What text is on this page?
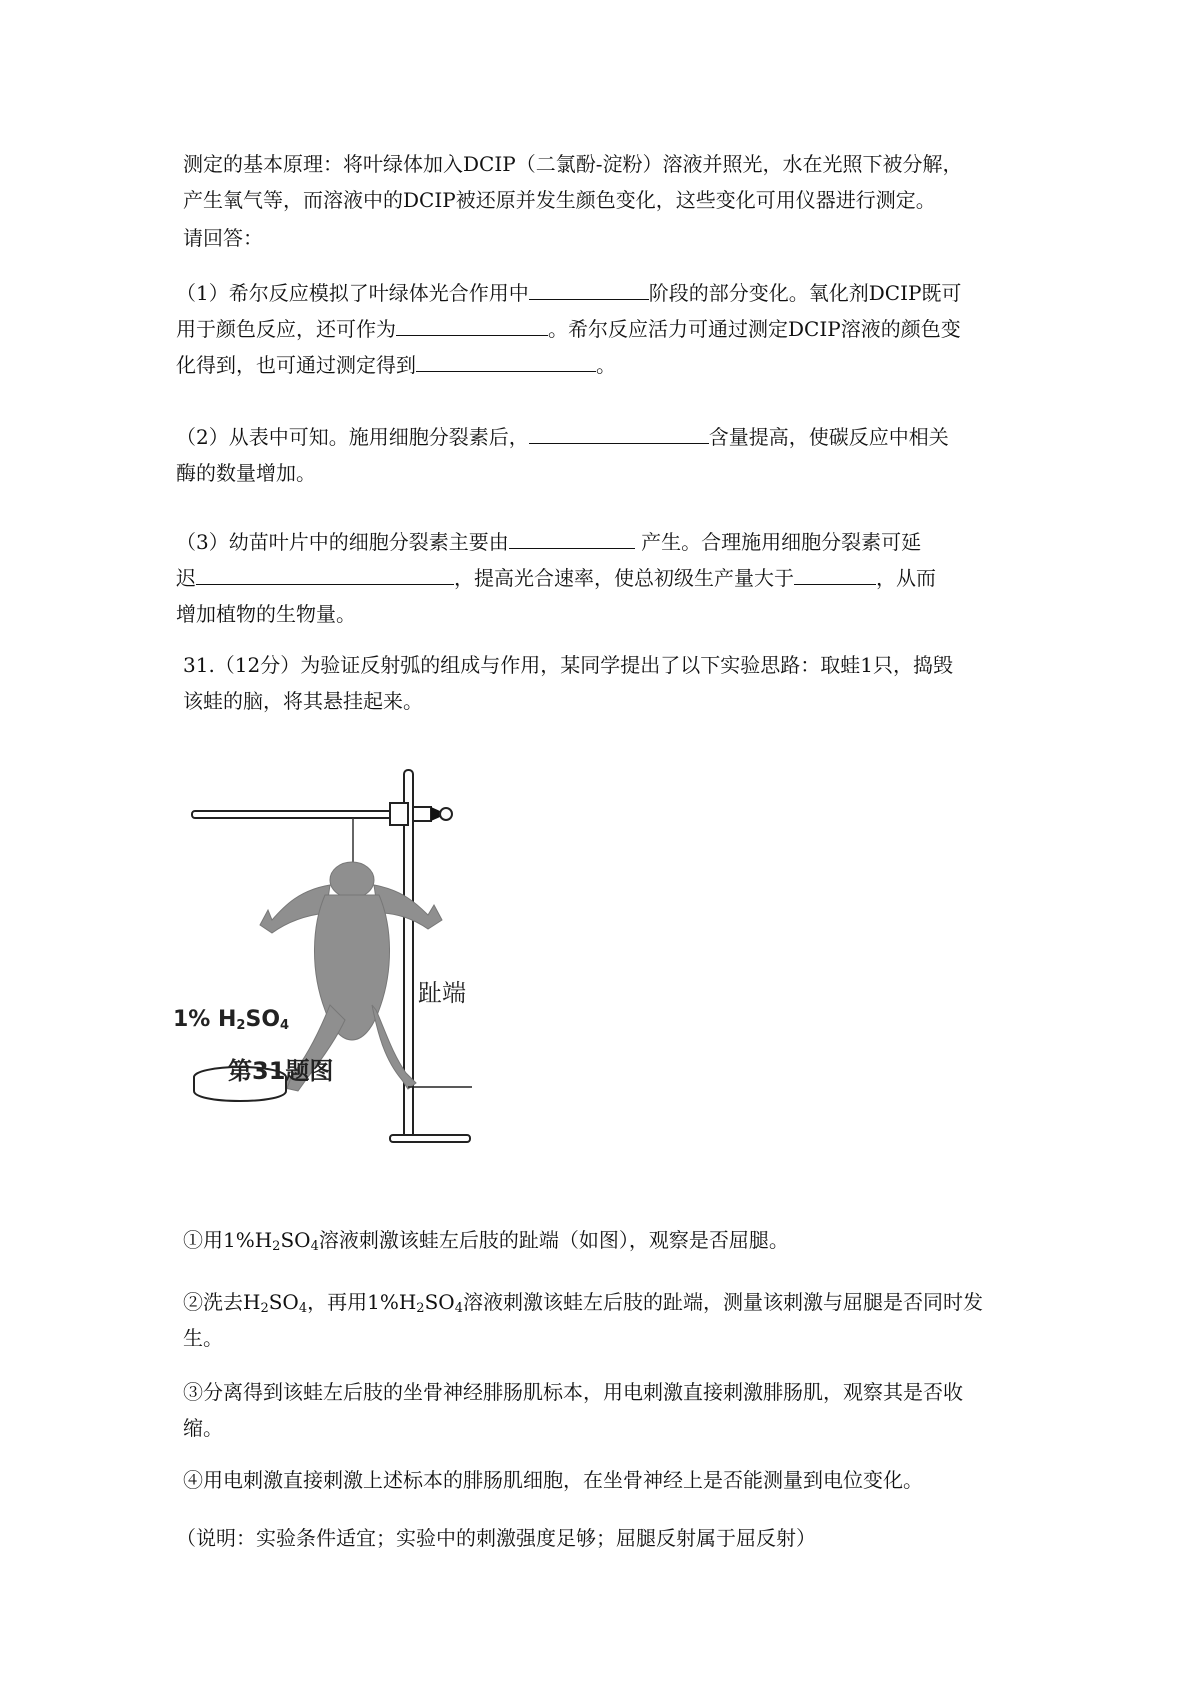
测定的基本原理：将叶绿体加入DCIP（二氯酚-淀粉）溶液并照光，水在光照下被分解，
产生氧气等，而溶液中的DCIP被还原并发生颜色变化，这些变化可用仪器进行测定。

请回答：

（1）希尔反应模拟了叶绿体光合作用中	阶段的部分变化。氧化剂DCIP既可
用于颜色反应，还可作为	。希尔反应活力可通过测定DCIP溶液的颜色变
化得到，也可通过测定得到	。

（2）从表中可知。施用细胞分裂素后，	含量提高，使碳反应中相关
酶的数量增加。

（3）幼苗叶片中的细胞分裂素主要由	产生。合理施用细胞分裂素可延
迟	，提高光合速率，使总初级生产量大于	，从而
增加植物的生物量。

31.（12分）为验证反射弧的组成与作用，某同学提出了以下实验思路：取蛙1只，捣毁
该蛙的脑，将其悬挂起来。

趾端
1% $H_2SO_4$
第31题图

①用$1\%H_2SO_4$溶液刺激该蛙左后肢的趾端（如图），观察是否屈腿。

②洗去$H_2SO_4$，再用$1\%H_2SO_4$溶液刺激该蛙左后肢的趾端，测量该刺激与屈腿是否同时发
生。

③分离得到该蛙左后肢的坐骨神经腓肠肌标本，用电刺激直接刺激腓肠肌，观察其是否收
缩。

④用电刺激直接刺激上述标本的腓肠肌细胞，在坐骨神经上是否能测量到电位变化。

（说明：实验条件适宜；实验中的刺激强度足够；屈腿反射属于屈反射）
